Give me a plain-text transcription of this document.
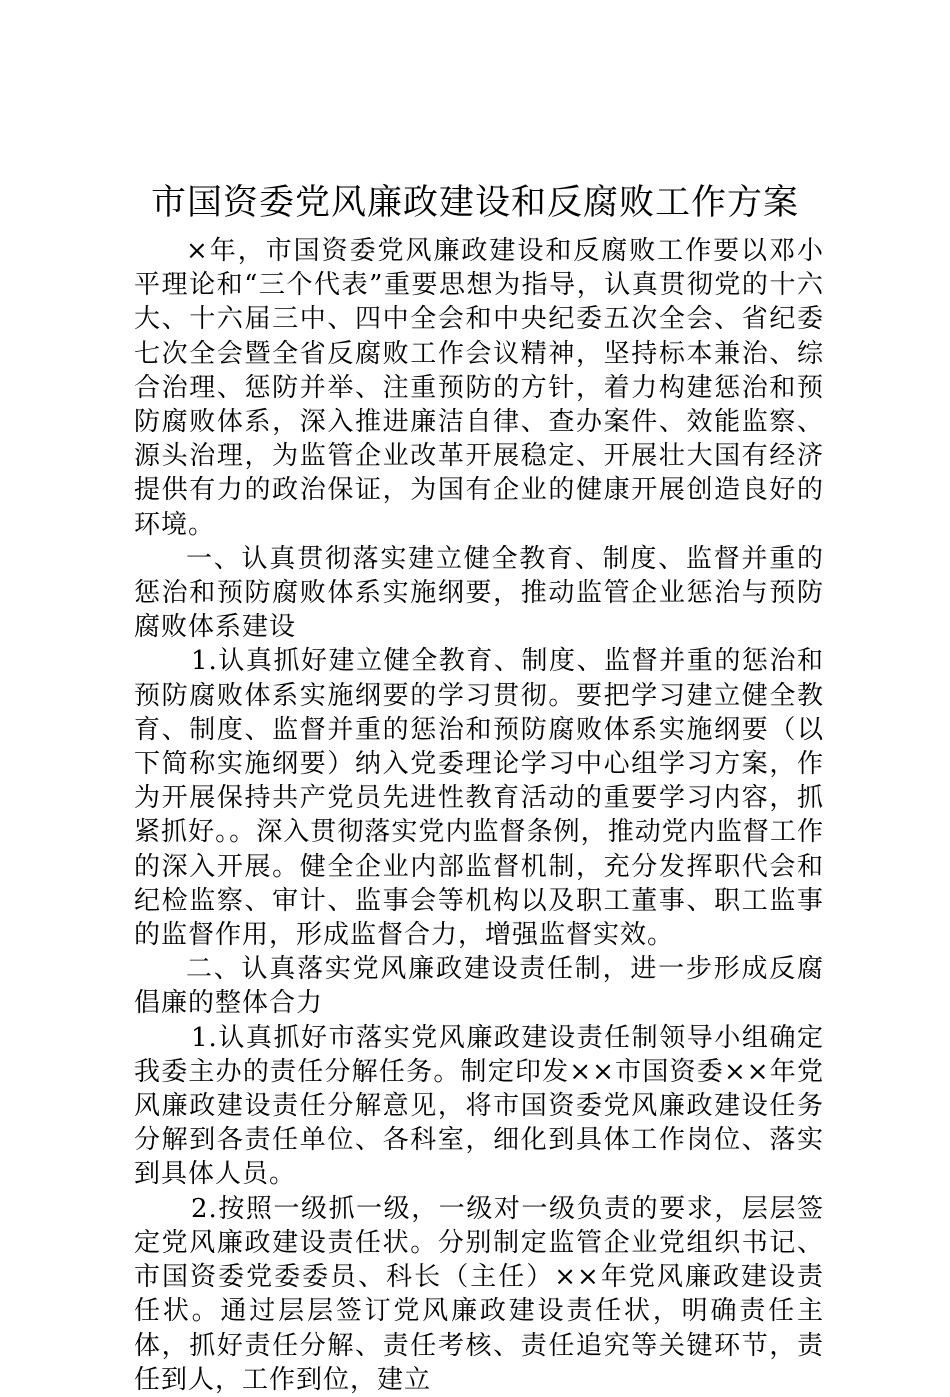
市国资委党风廉政建设和反腐败工作方案

×年，市国资委党风廉政建设和反腐败工作要以邓小平理论和“三个代表”重要思想为指导，认真贯彻党的十六大、十六届三中、四中全会和中央纪委五次全会、省纪委七次全会暨全省反腐败工作会议精神，坚持标本兼治、综合治理、惩防并举、注重预防的方针，着力构建惩治和预防腐败体系，深入推进廉洁自律、查办案件、效能监察、源头治理，为监管企业改革开展稳定、开展壮大国有经济提供有力的政治保证，为国有企业的健康开展创造良好的环境。

一、认真贯彻落实建立健全教育、制度、监督并重的惩治和预防腐败体系实施纲要，推动监管企业惩治与预防腐败体系建设

1.认真抓好建立健全教育、制度、监督并重的惩治和预防腐败体系实施纲要的学习贯彻。要把学习建立健全教育、制度、监督并重的惩治和预防腐败体系实施纲要（以下简称实施纲要）纳入党委理论学习中心组学习方案，作为开展保持共产党员先进性教育活动的重要学习内容，抓紧抓好。。深入贯彻落实党内监督条例，推动党内监督工作的深入开展。健全企业内部监督机制，充分发挥职代会和纪检监察、审计、监事会等机构以及职工董事、职工监事的监督作用，形成监督合力，增强监督实效。

二、认真落实党风廉政建设责任制，进一步形成反腐倡廉的整体合力

1.认真抓好市落实党风廉政建设责任制领导小组确定我委主办的责任分解任务。制定印发××市国资委××年党风廉政建设责任分解意见，将市国资委党风廉政建设任务分解到各责任单位、各科室，细化到具体工作岗位、落实到具体人员。

2.按照一级抓一级，一级对一级负责的要求，层层签定党风廉政建设责任状。分别制定监管企业党组织书记、市国资委党委委员、科长（主任）××年党风廉政建设责任状。通过层层签订党风廉政建设责任状，明确责任主体，抓好责任分解、责任考核、责任追究等关键环节，责任到人，工作到位，建立
